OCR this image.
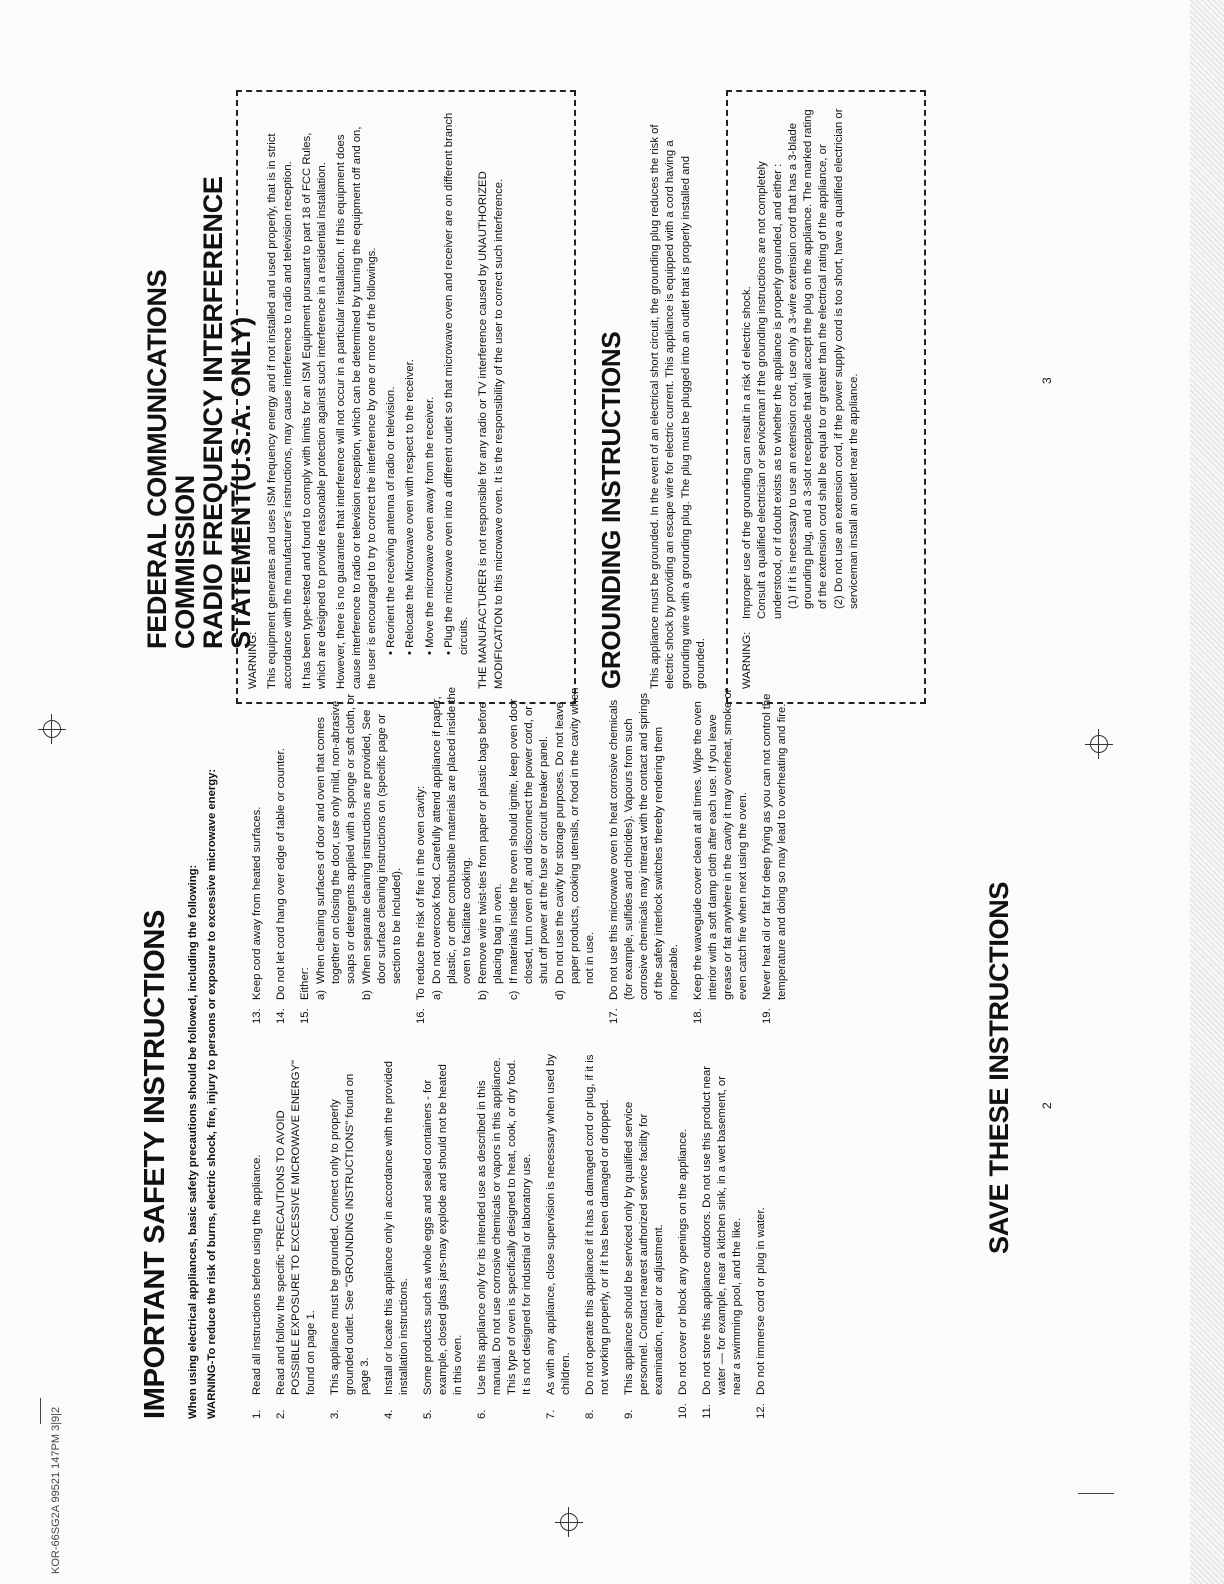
KOR-66SG2A 99521 147PM 3|9|2
IMPORTANT SAFETY INSTRUCTIONS When using electrical appliances, basic safety precautions should be followed, including the following: WARNING-To reduce the risk of burns, electric shock, fire, injury to persons or exposure to excessive microwave energy:	1.
Read all instructions before using the appliance.
2.
Read and follow the specific "PRECAUTIONS TO AVOID POSSIBLE EXPOSURE TO EXCESSIVE MICROWAVE ENERGY" found on page 1.
3.
This appliance must be grounded. Connect only to properly grounded outlet. See "GROUNDING INSTRUCTIONS" found on page 3.
4.
Install or locate this appliance only in accordance with the provided installation instructions.
5.
Some products such as whole eggs and sealed containers - for example, closed glass jars-may explode and should not be heated in this oven.
6.
Use this appliance only for its intended use as described in this manual. Do not use corrosive chemicals or vapors in this appliance. This type of oven is specifically designed to heat, cook, or dry food. It is not designed for industrial or laboratory use.
7.
As with any appliance, close supervision is necessary when used by children.
8.
Do not operate this appliance if it has a damaged cord or plug, if it is not working properly, or if it has been damaged or dropped.
9.
This appliance should be serviced only by qualified service personnel. Contact nearest authorized service facility for examination, repair or adjustment.
10.
Do not cover or block any openings on the appliance.
11.
Do not store this appliance outdoors. Do not use this product near water — for example, near a kitchen sink, in a wet basement, or near a swimming pool, and the like.
12.
Do not immerse cord or plug in water.
13.
Keep cord away from heated surfaces.
14.
Do not let cord hang over edge of table or counter.
15.
Either: a)
When cleaning surfaces of door and oven that comes together on closing the door, use only mild, non-abrasive soaps or detergents applied with a sponge or soft cloth, or
b)
When separate cleaning instructions are provided, See door surface cleaning instructions on (specific page or section to be included).
16.
To reduce the risk of fire in the oven cavity: a)
Do not overcook food. Carefully attend appliance if paper, plastic, or other combustible materials are placed inside the oven to facilitate cooking.
b)
Remove wire twist-ties from paper or plastic bags before placing bag in oven.
c)
If materials inside the oven should ignite, keep oven door closed, turn oven off, and disconnect the power cord, or shut off power at the fuse or circuit breaker panel.
d)
Do not use the cavity for storage purposes. Do not leave paper products, cooking utensils, or food in the cavity when not in use.
17.
Do not use this microwave oven to heat corrosive chemicals (for example, sulfides and chlorides). Vapours from such corrosive chemicals may interact with the contact and springs of the safety interlock switches thereby rendering them inoperable.
18.
Keep the waveguide cover clean at all times. Wipe the oven interior with a soft damp cloth after each use. If you leave grease or fat anywhere in the cavity it may overheat, smoke or even catch fire when next using the oven.
19.
Never heat oil or fat for deep frying as you can not control the temperature and doing so may lead to overheating and fire.
SAVE THESE INSTRUCTIONS 2
FEDERAL COMMUNICATIONS COMMISSION
RADIO FREQUENCY INTERFERENCE
STATEMENT(U.S.A. ONLY)

WARNING: This equipment generates and uses ISM frequency energy and if not installed and used properly, that is in strict accordance with the manufacturer's instructions, may cause interference to radio and television reception. It has been type-tested and found to comply with limits for an ISM Equipment pursuant to part 18 of FCC Rules, which are designed to provide reasonable protection against such interference in a residential installation. However, there is no guarantee that interference will not occur in a particular installation. If this equipment does cause interference to radio or television reception, which can be determined by turning the equipment off and on, the user is encouraged to try to correct the interference by one or more of the followings. • Reorient the receiving antenna of radio or television.

• Relocate the Microwave oven with respect to the receiver.

• Move the microwave oven away from the receiver.

• Plug the microwave oven into a different outlet so that microwave oven and receiver are on different branch circuits. THE MANUFACTURER is not responsible for any radio or TV interference caused by UNAUTHORIZED MODIFICATION to this microwave oven. It is the responsibility of the user to correct such interference.	GROUNDING INSTRUCTIONS This appliance must be grounded. In the event of an electrical short circuit, the grounding plug reduces the risk of electric shock by providing an escape wire for electric current. This appliance is equipped with a cord having a grounding wire with a grounding plug. The plug must be plugged into an outlet that is properly installed and grounded.	WARNING:

Improper use of the grounding can result in a risk of electric shock. Consult a qualified electrician or serviceman if the grounding instructions are not completely understood, or if doubt exists as to whether the appliance is properly grounded, and either : (1) If it is necessary to use an extension cord, use only a 3-wire extension cord that has a 3-blade grounding plug, and a 3-slot receptacle that will accept the plug on the appliance. The marked rating of the extension cord shall be equal to or greater than the electrical rating of the appliance, or (2) Do not use an extension cord, if the power supply cord is too short, have a qualified electrician or serviceman install an outlet near the appliance.	3
